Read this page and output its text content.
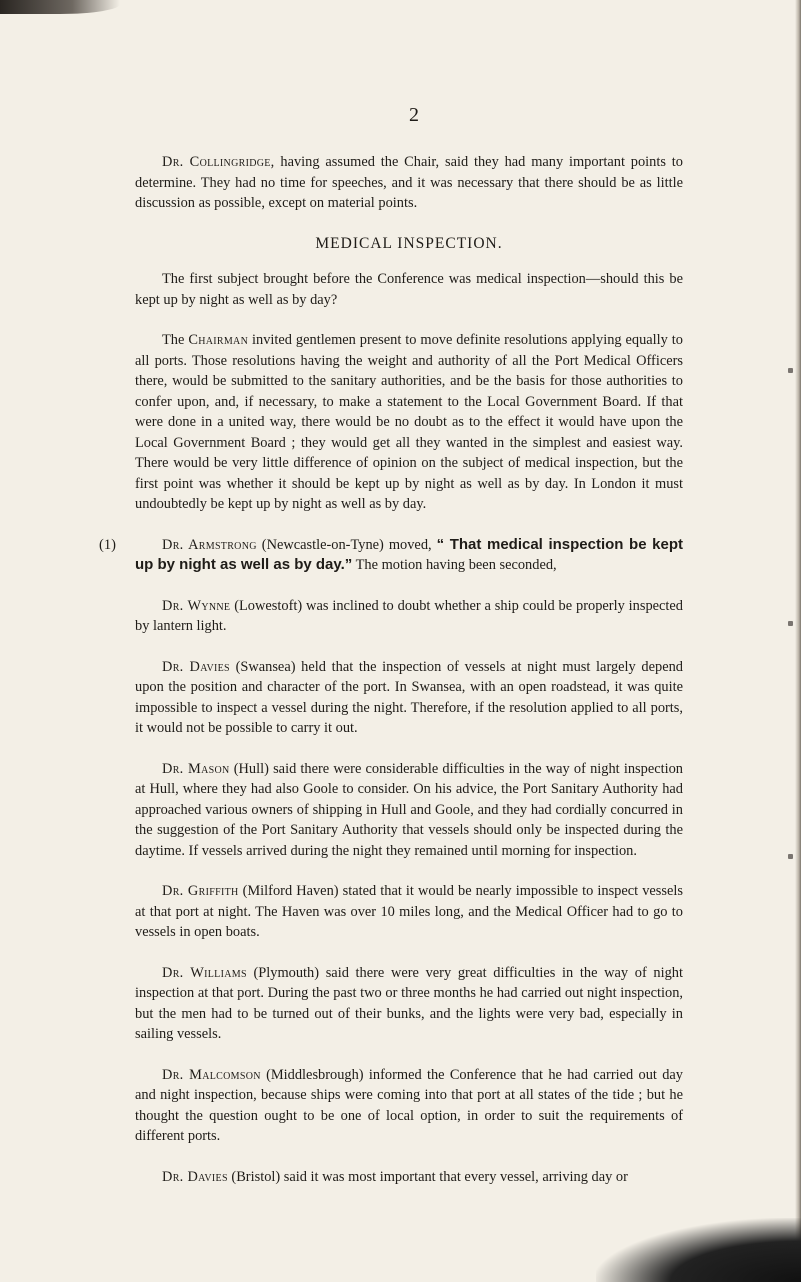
2

Dr. Collingridge, having assumed the Chair, said they had many important points to determine. They had no time for speeches, and it was necessary that there should be as little discussion as possible, except on material points.

MEDICAL INSPECTION.

The first subject brought before the Conference was medical inspection—should this be kept up by night as well as by day?

The Chairman invited gentlemen present to move definite resolutions applying equally to all ports. Those resolutions having the weight and authority of all the Port Medical Officers there, would be submitted to the sanitary authorities, and be the basis for those authorities to confer upon, and, if necessary, to make a statement to the Local Government Board. If that were done in a united way, there would be no doubt as to the effect it would have upon the Local Government Board ; they would get all they wanted in the simplest and easiest way. There would be very little difference of opinion on the subject of medical inspection, but the first point was whether it should be kept up by night as well as by day. In London it must undoubtedly be kept up by night as well as by day.

(1)	Dr. Armstrong (Newcastle-on-Tyne) moved, “ That medical inspection be kept up by night as well as by day.” The motion having been seconded,

Dr. Wynne (Lowestoft) was inclined to doubt whether a ship could be properly inspected by lantern light.

Dr. Davies (Swansea) held that the inspection of vessels at night must largely depend upon the position and character of the port. In Swansea, with an open roadstead, it was quite impossible to inspect a vessel during the night. Therefore, if the resolution applied to all ports, it would not be possible to carry it out.

Dr. Mason (Hull) said there were considerable difficulties in the way of night inspection at Hull, where they had also Goole to consider. On his advice, the Port Sanitary Authority had approached various owners of shipping in Hull and Goole, and they had cordially concurred in the suggestion of the Port Sanitary Authority that vessels should only be inspected during the daytime. If vessels arrived during the night they remained until morning for inspection.

Dr. Griffith (Milford Haven) stated that it would be nearly impossible to inspect vessels at that port at night. The Haven was over 10 miles long, and the Medical Officer had to go to vessels in open boats.

Dr. Williams (Plymouth) said there were very great difficulties in the way of night inspection at that port. During the past two or three months he had carried out night inspection, but the men had to be turned out of their bunks, and the lights were very bad, especially in sailing vessels.

Dr. Malcomson (Middlesbrough) informed the Conference that he had carried out day and night inspection, because ships were coming into that port at all states of the tide ; but he thought the question ought to be one of local option, in order to suit the requirements of different ports.

Dr. Davies (Bristol) said it was most important that every vessel, arriving day or
